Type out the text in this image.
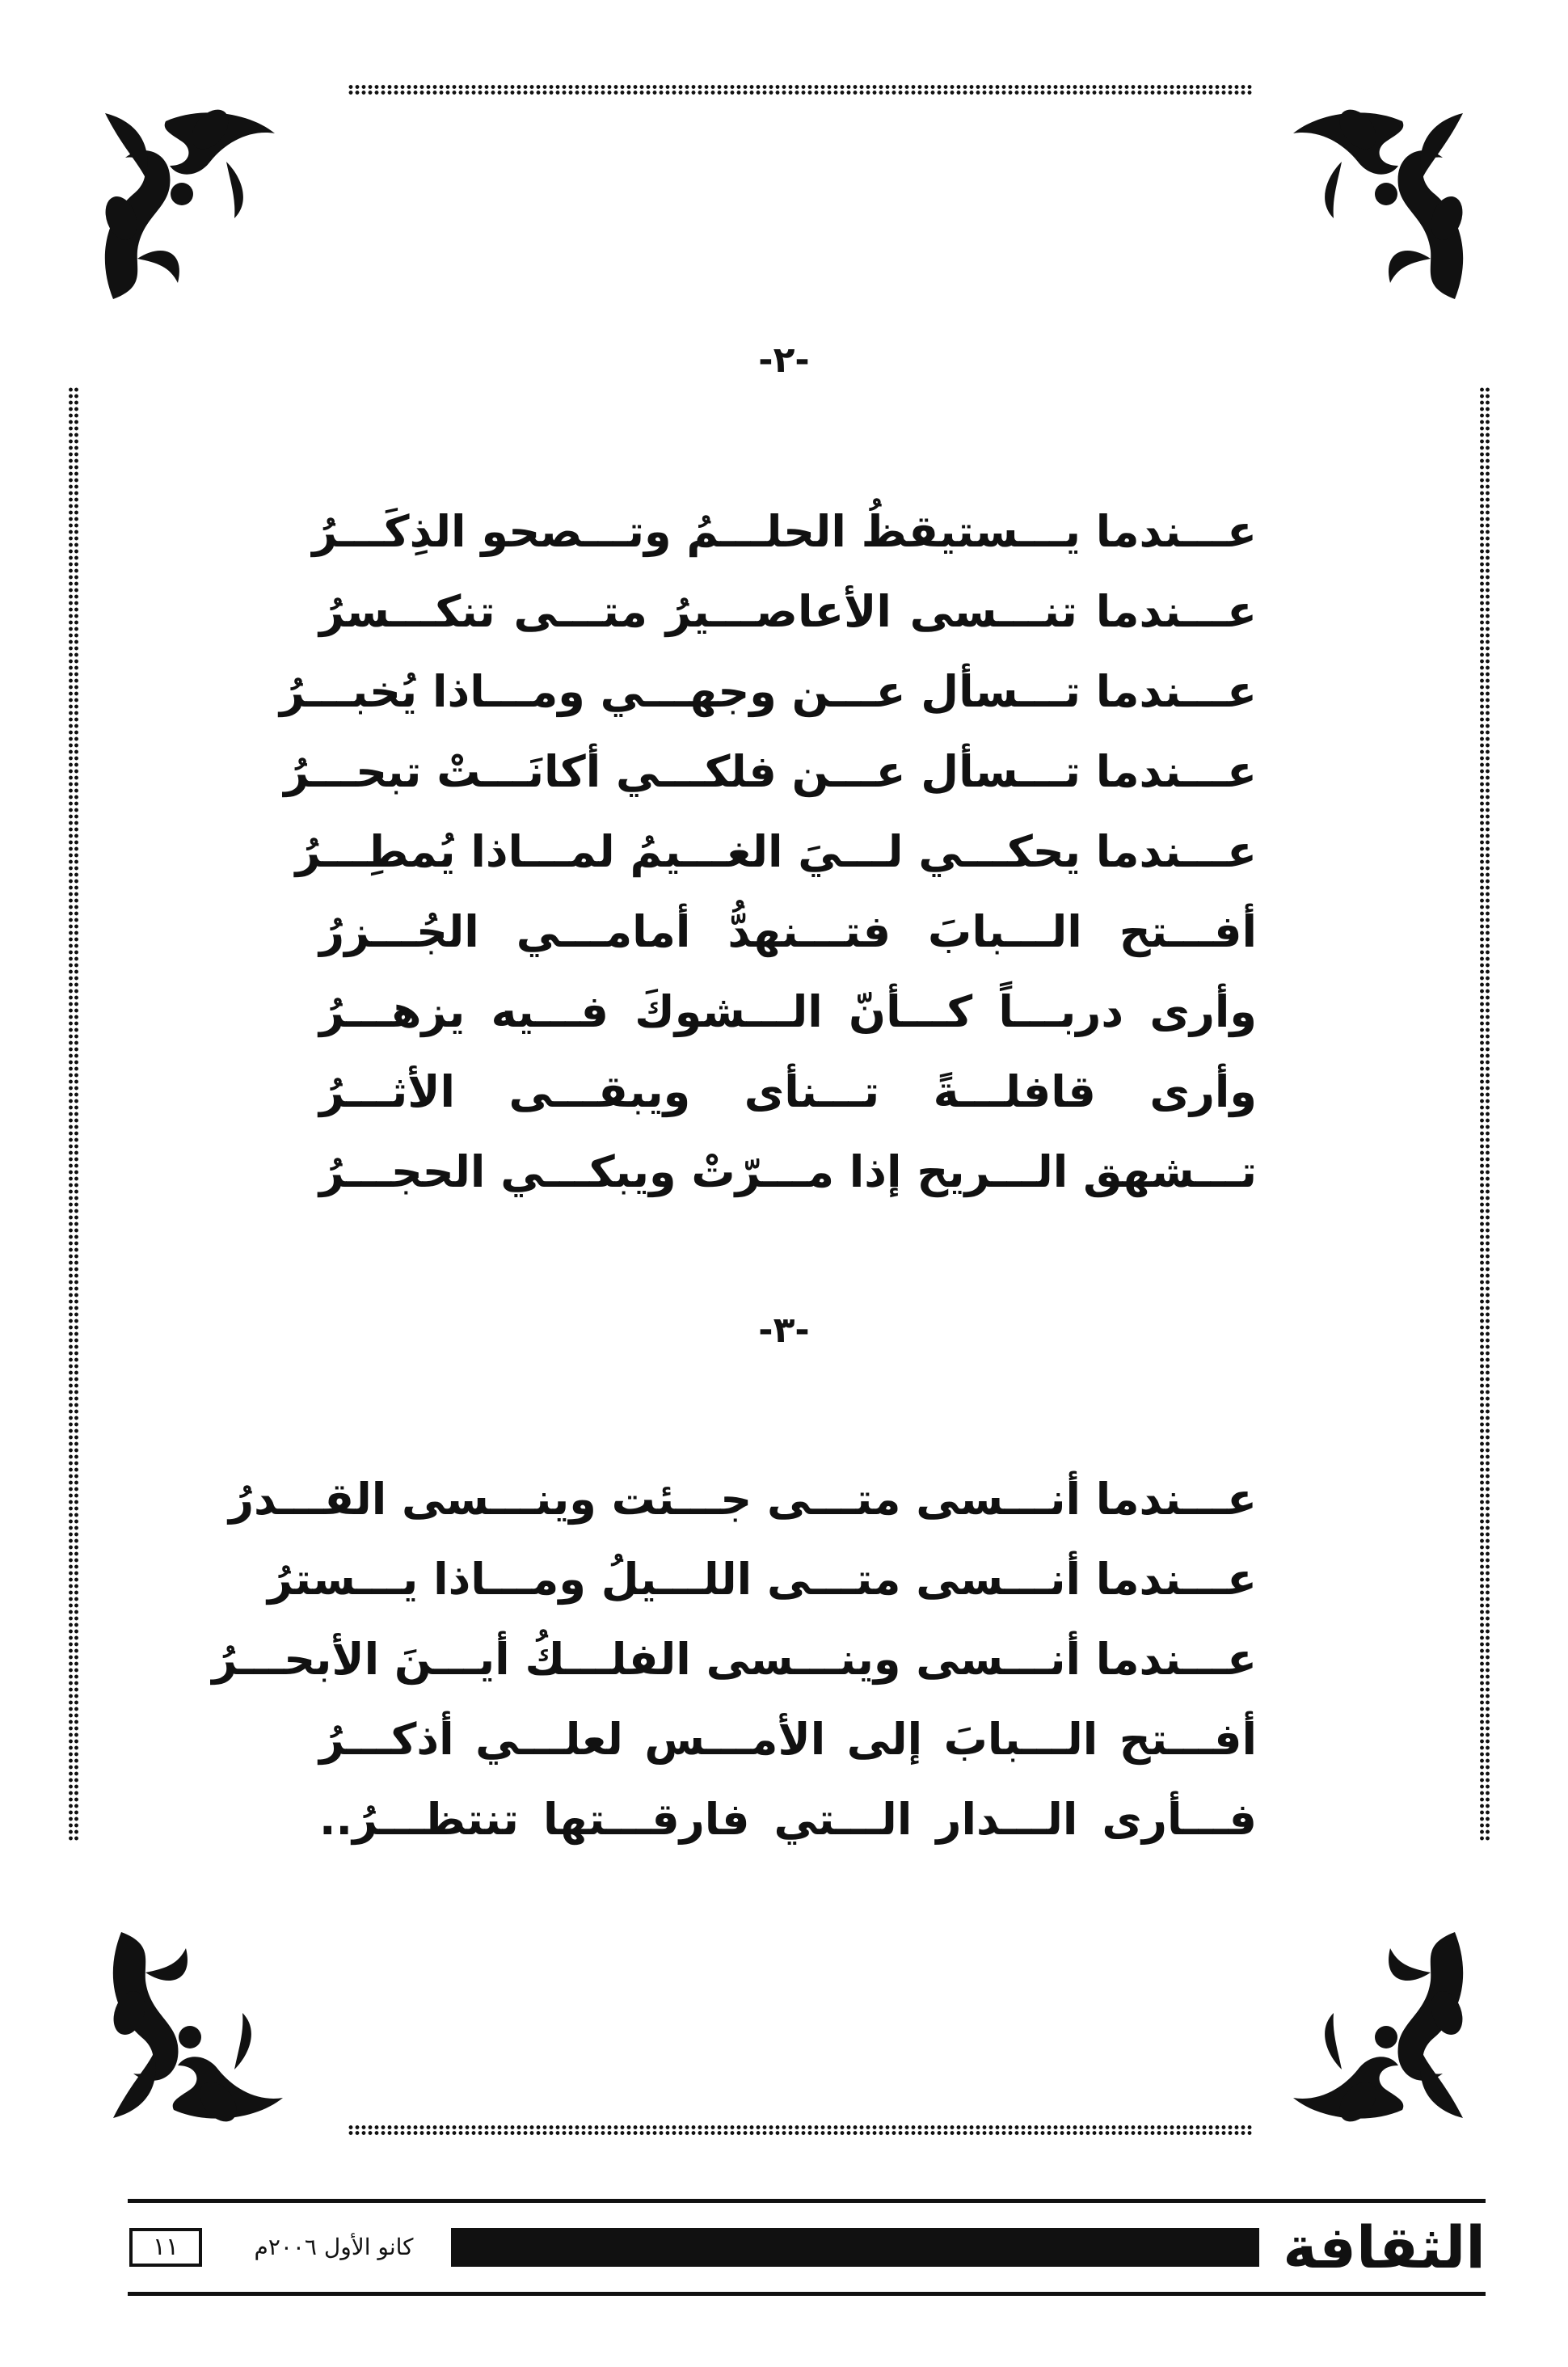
-٢-
عـــندما يـــستيقظُ الحلـــمُ وتـــصحو الذِكَـــرُ
عـــندما تنـــسى الأعاصـــيرُ متـــى تنكـــسرُ
عـــندما تـــسأل عـــن وجهـــي ومـــاذا يُخبـــرُ
عـــندما تـــسأل عـــن فلكـــي أكانَـــتْ تبحـــرُ
عـــندما يحكـــي لـــيَ الغـــيمُ لمـــاذا يُمطِـــرُ
أفـــتح الـــبابَ فتـــنهدُّ أمامـــي الجُـــزرُ
وأرى دربـــاً كـــأنّ الـــشوكَ فـــيه يزهـــرُ
وأرى قافلـــةً تـــنأى ويبقـــى الأثـــرُ
تـــشهق الـــريح إذا مـــرّتْ ويبكـــي الحجـــرُ
-٣-
عـــندما أنـــسى متـــى جـــئت وينـــسى القـــدرُ
عـــندما أنـــسى متـــى اللـــيلُ ومـــاذا يـــسترُ
عـــندما أنـــسى وينـــسى الفلـــكُ أيـــنَ الأبحـــرُ
أفـــتح الـــبابَ إلى الأمـــس لعلـــي أذكـــرُ
فـــأرى الـــدار الـــتي فارقـــتها تنتظـــرُ..
١١	كانو الأول ٢٠٠٦م	الثقافة
